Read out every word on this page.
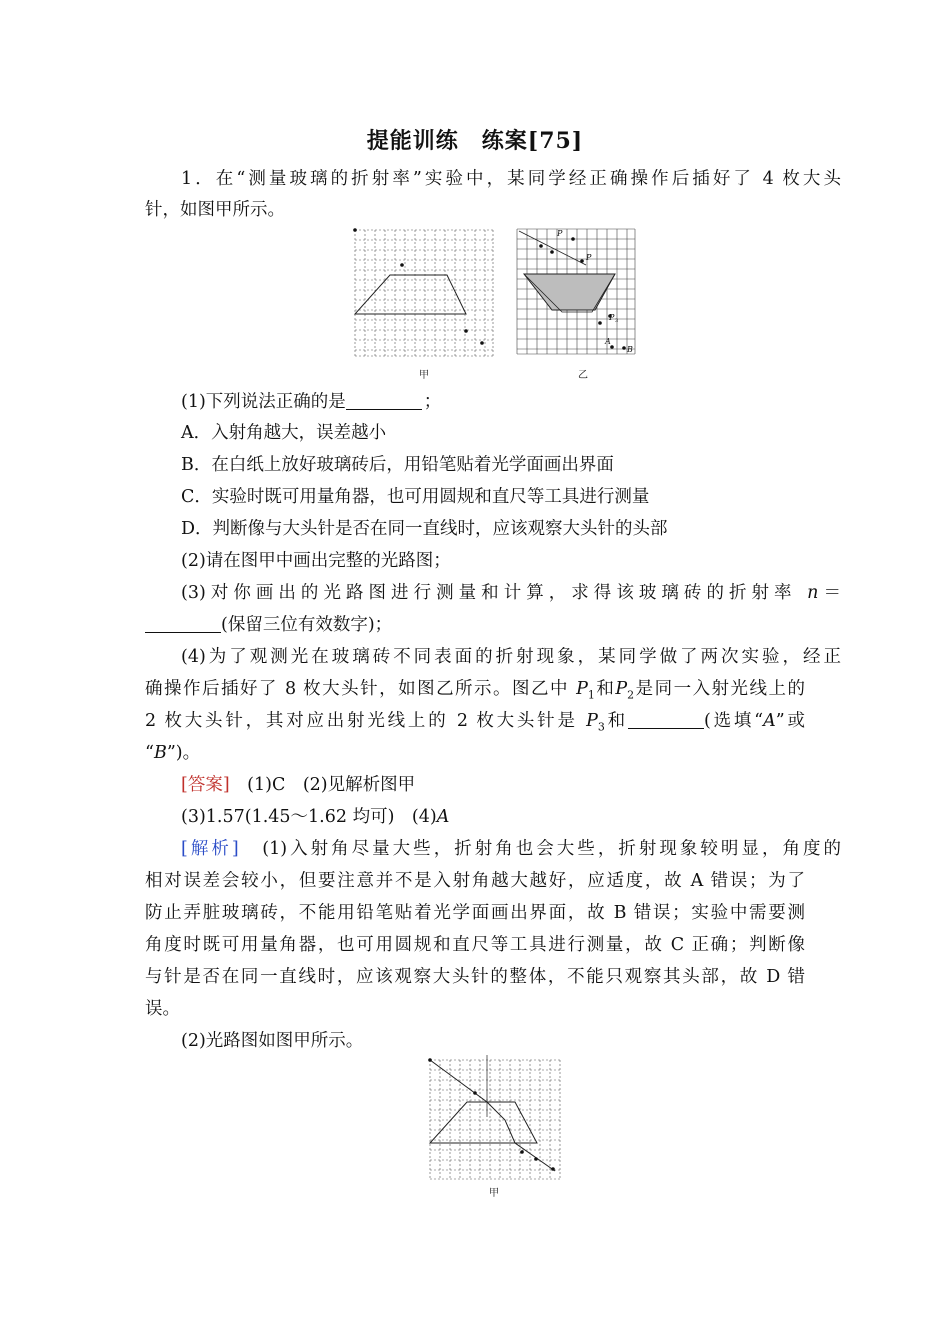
提能训练　练案[75]
1．在“测量玻璃的折射率”实验中，某同学经正确操作后插好了 4 枚大头
针，如图甲所示。
甲
P
P
P 3
A
B
乙
(1)下列说法正确的是	；
A．入射角越大，误差越小
B．在白纸上放好玻璃砖后，用铅笔贴着光学面画出界面
C．实验时既可用量角器，也可用圆规和直尺等工具进行测量
D．判断像与大头针是否在同一直线时，应该观察大头针的头部
(2)请在图甲中画出完整的光路图；
(3)对你画出的光路图进行测量和计算，求得该玻璃砖的折射率 n＝
(保留三位有效数字)；
(4)为了观测光在玻璃砖不同表面的折射现象，某同学做了两次实验，经正
确操作后插好了 8 枚大头针，如图乙所示。图乙中 $P_1$和$P_2$是同一入射光线上的
2 枚大头针，其对应出射光线上的 2 枚大头针是 $P_3$和	(选填“A”或
“B”)。
[答案]　 (1)C　(2)见解析图甲
(3)1.57(1.45～1.62 均可)　(4)A
[解析]　 (1)入射角尽量大些，折射角也会大些，折射现象较明显，角度的
相对误差会较小，但要注意并不是入射角越大越好，应适度，故 A 错误；为了
防止弄脏玻璃砖，不能用铅笔贴着光学面画出界面，故 B 错误；实验中需要测
角度时既可用量角器，也可用圆规和直尺等工具进行测量，故 C 正确；判断像
与针是否在同一直线时，应该观察大头针的整体，不能只观察其头部，故 D 错
误。
(2)光路图如图甲所示。
甲
